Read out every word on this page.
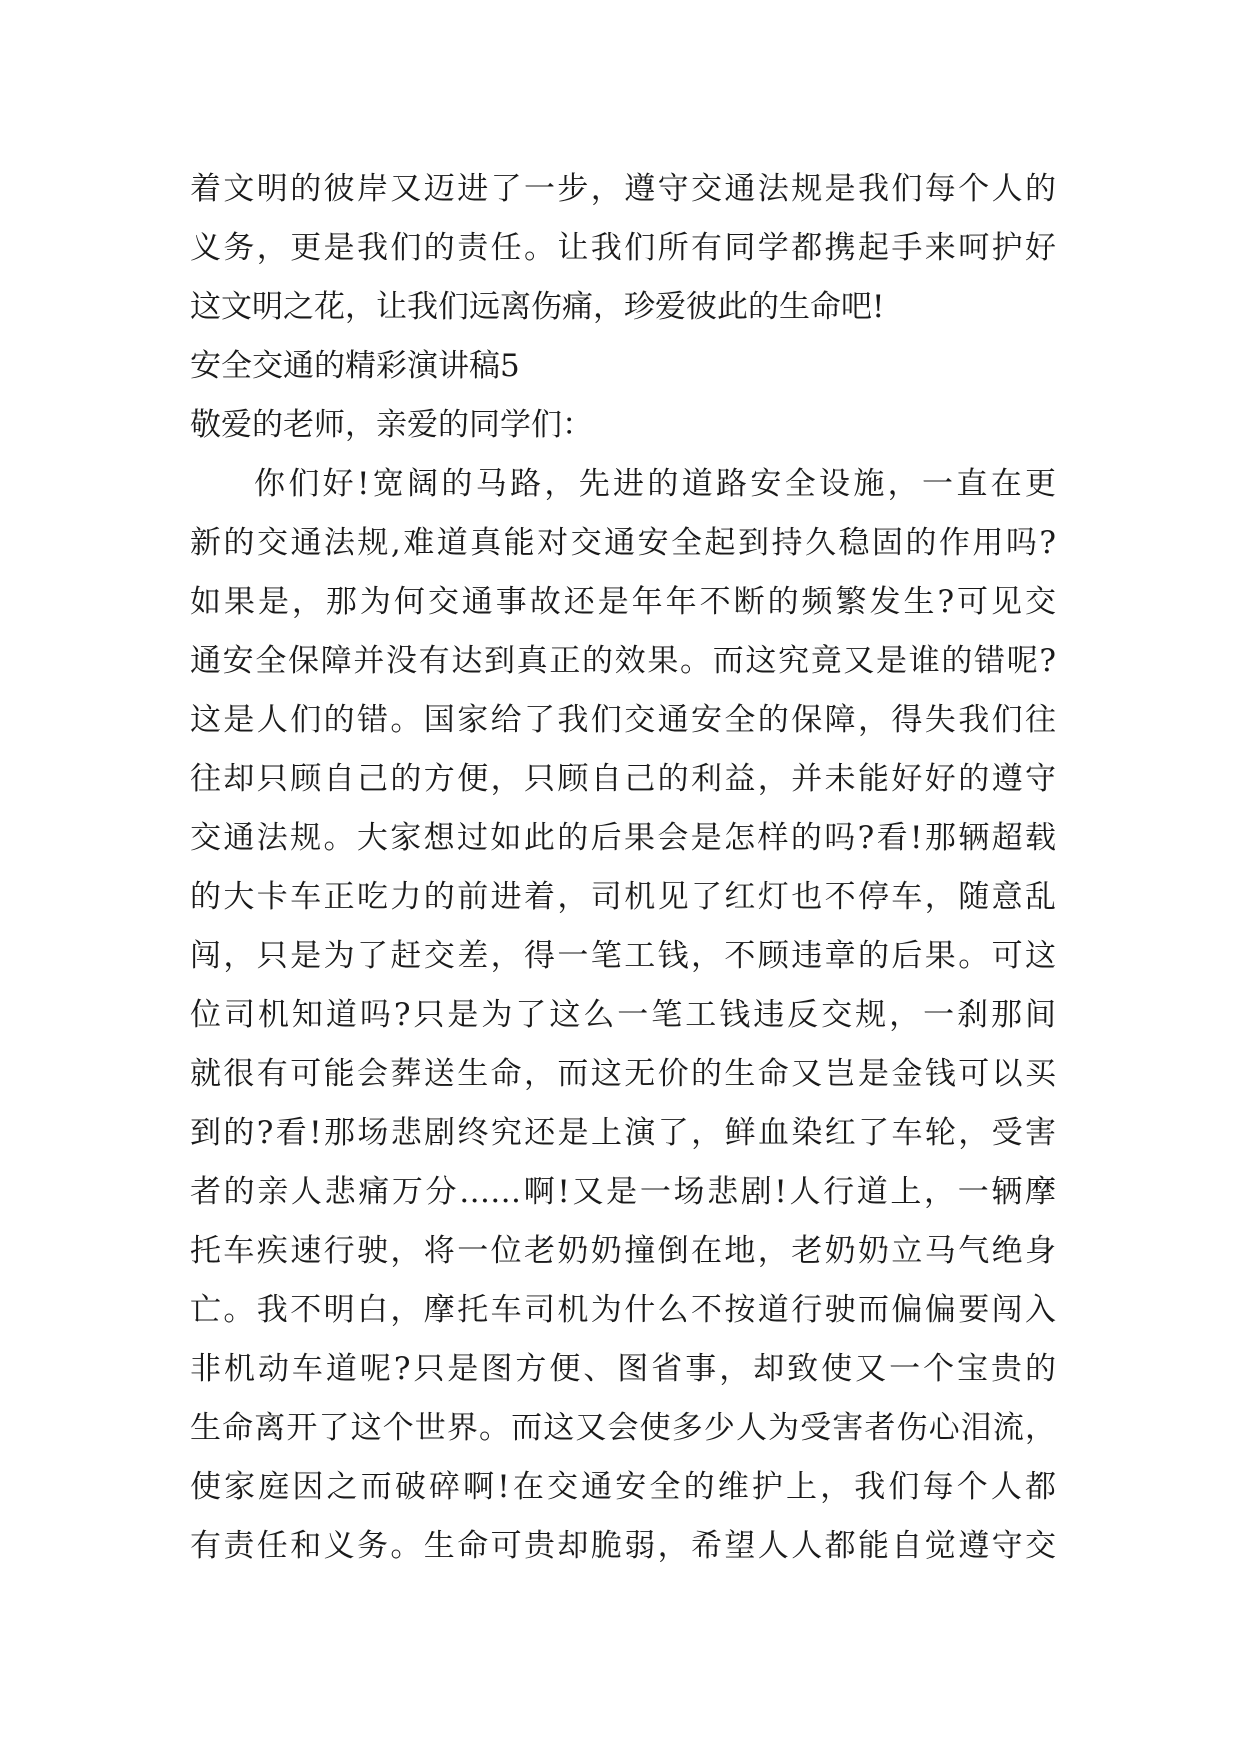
着文明的彼岸又迈进了一步，遵守交通法规是我们每个人的
义务，更是我们的责任。让我们所有同学都携起手来呵护好
这文明之花，让我们远离伤痛，珍爱彼此的生命吧!
安全交通的精彩演讲稿5
敬爱的老师，亲爱的同学们：
你们好!宽阔的马路，先进的道路安全设施，一直在更
新的交通法规,难道真能对交通安全起到持久稳固的作用吗?
如果是，那为何交通事故还是年年不断的频繁发生?可见交
通安全保障并没有达到真正的效果。而这究竟又是谁的错呢?
这是人们的错。国家给了我们交通安全的保障，得失我们往
往却只顾自己的方便，只顾自己的利益，并未能好好的遵守
交通法规。大家想过如此的后果会是怎样的吗?看!那辆超载
的大卡车正吃力的前进着，司机见了红灯也不停车，随意乱
闯，只是为了赶交差，得一笔工钱，不顾违章的后果。可这
位司机知道吗?只是为了这么一笔工钱违反交规，一刹那间
就很有可能会葬送生命，而这无价的生命又岂是金钱可以买
到的?看!那场悲剧终究还是上演了，鲜血染红了车轮，受害
者的亲人悲痛万分……啊!又是一场悲剧!人行道上，一辆摩
托车疾速行驶，将一位老奶奶撞倒在地，老奶奶立马气绝身
亡。我不明白，摩托车司机为什么不按道行驶而偏偏要闯入
非机动车道呢?只是图方便、图省事，却致使又一个宝贵的
生命离开了这个世界。而这又会使多少人为受害者伤心泪流，
使家庭因之而破碎啊!在交通安全的维护上，我们每个人都
有责任和义务。生命可贵却脆弱，希望人人都能自觉遵守交
